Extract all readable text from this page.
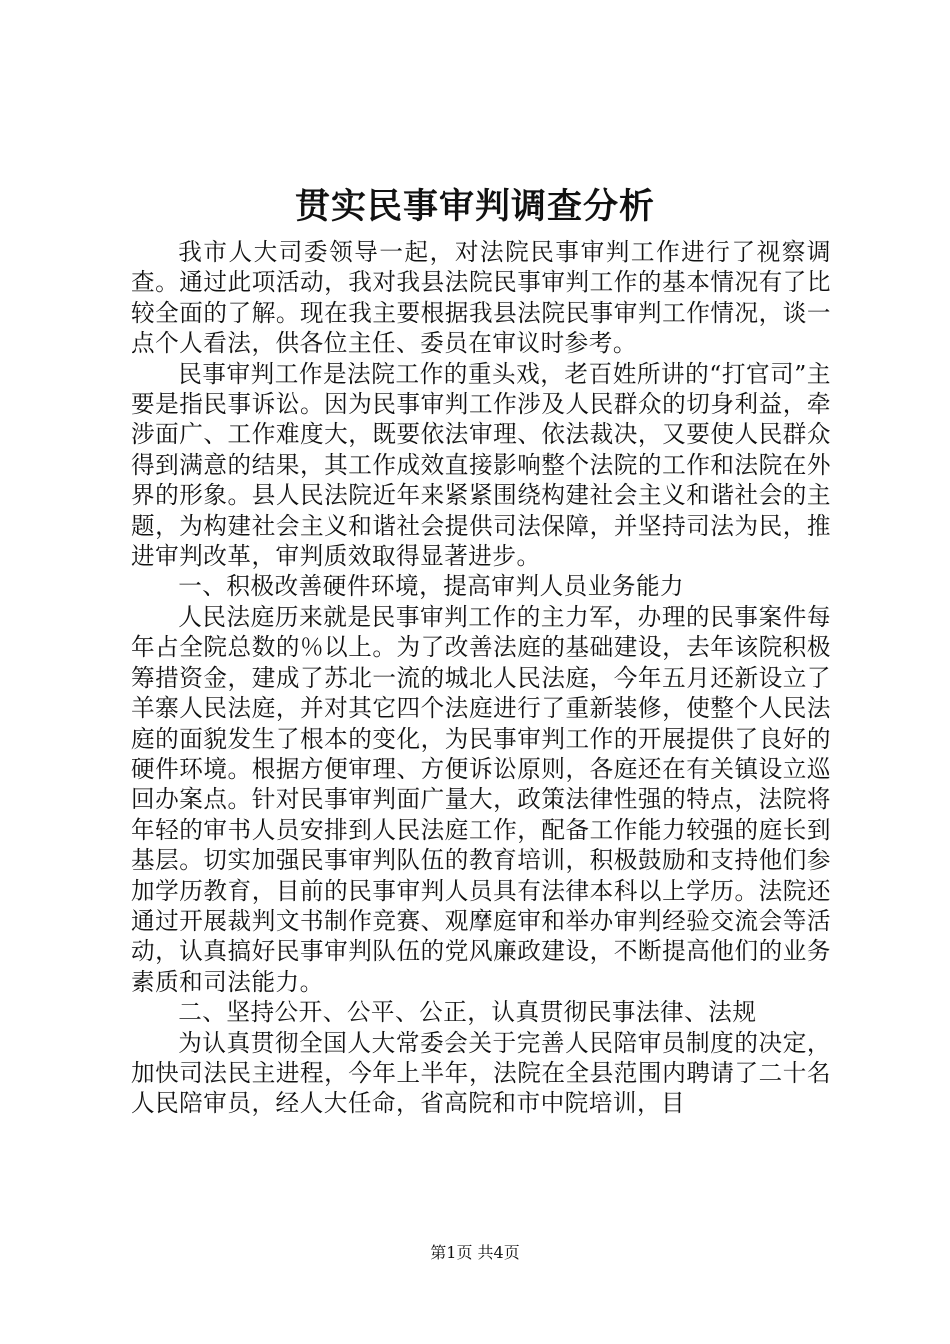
贯实民事审判调查分析

我市人大司委领导一起，对法院民事审判工作进行了视察调查。通过此项活动，我对我县法院民事审判工作的基本情况有了比较全面的了解。现在我主要根据我县法院民事审判工作情况，谈一点个人看法，供各位主任、委员在审议时参考。

民事审判工作是法院工作的重头戏，老百姓所讲的“打官司”主要是指民事诉讼。因为民事审判工作涉及人民群众的切身利益，牵涉面广、工作难度大，既要依法审理、依法裁决，又要使人民群众得到满意的结果，其工作成效直接影响整个法院的工作和法院在外界的形象。县人民法院近年来紧紧围绕构建社会主义和谐社会的主题，为构建社会主义和谐社会提供司法保障，并坚持司法为民，推进审判改革，审判质效取得显著进步。

一、积极改善硬件环境，提高审判人员业务能力

人民法庭历来就是民事审判工作的主力军，办理的民事案件每年占全院总数的％以上。为了改善法庭的基础建设，去年该院积极筹措资金，建成了苏北一流的城北人民法庭，今年五月还新设立了羊寨人民法庭，并对其它四个法庭进行了重新装修，使整个人民法庭的面貌发生了根本的变化，为民事审判工作的开展提供了良好的硬件环境。根据方便审理、方便诉讼原则，各庭还在有关镇设立巡回办案点。针对民事审判面广量大，政策法律性强的特点，法院将年轻的审书人员安排到人民法庭工作，配备工作能力较强的庭长到基层。切实加强民事审判队伍的教育培训，积极鼓励和支持他们参加学历教育，目前的民事审判人员具有法律本科以上学历。法院还通过开展裁判文书制作竞赛、观摩庭审和举办审判经验交流会等活动，认真搞好民事审判队伍的党风廉政建设，不断提高他们的业务素质和司法能力。

二、坚持公开、公平、公正，认真贯彻民事法律、法规

为认真贯彻全国人大常委会关于完善人民陪审员制度的决定，加快司法民主进程，今年上半年，法院在全县范围内聘请了二十名人民陪审员，经人大任命，省高院和市中院培训，目

第1页 共4页
